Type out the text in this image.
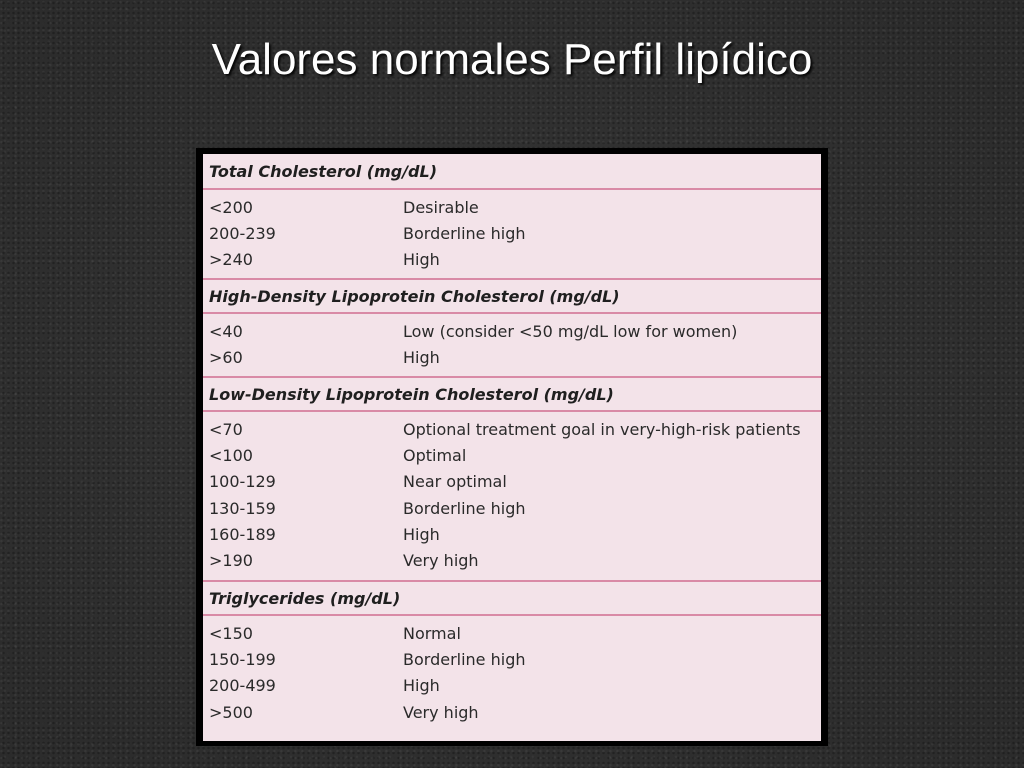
Valores normales Perfil lipídico
Total Cholesterol (mg/dL)
<200	Desirable
200-239	Borderline high
>240	High
High-Density Lipoprotein Cholesterol (mg/dL)
<40	Low (consider <50 mg/dL low for women)
>60	High
Low-Density Lipoprotein Cholesterol (mg/dL)
<70	Optional treatment goal in very-high-risk patients
<100	Optimal
100-129	Near optimal
130-159	Borderline high
160-189	High
>190	Very high
Triglycerides (mg/dL)
<150	Normal
150-199	Borderline high
200-499	High
>500	Very high
